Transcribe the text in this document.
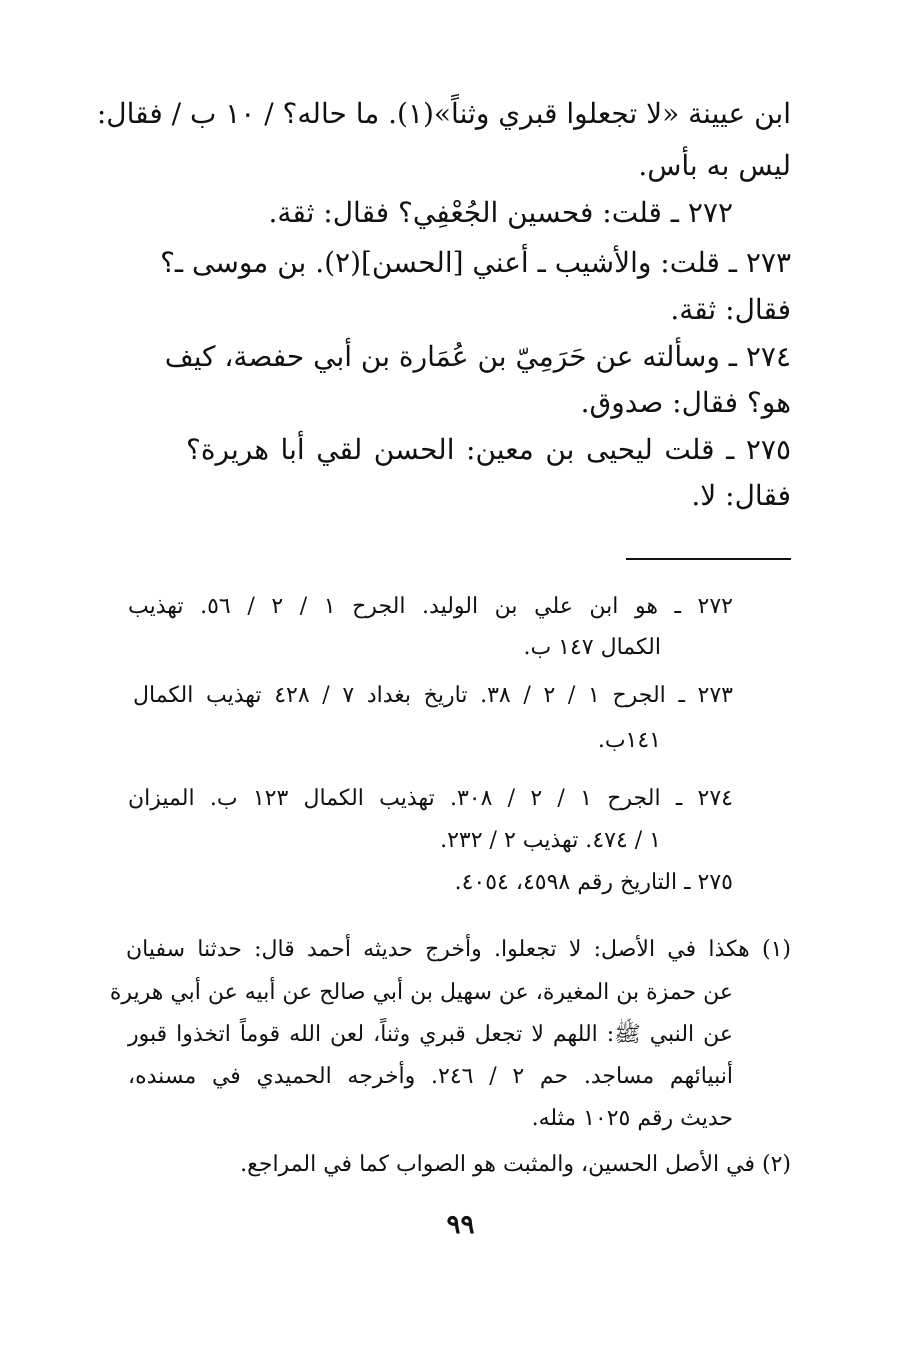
ابن عيينة «لا تجعلوا قبري وثناً»(١). ما حاله؟ / ١٠ ب / فقال:
ليس به بأس.
٢٧٢ ـ قلت: فحسين الجُعْفِي؟ فقال: ثقة.
٢٧٣ ـ قلت: والأشيب ـ أعني [الحسن](٢). بن موسى ـ؟
فقال: ثقة.
٢٧٤ ـ وسألته عن حَرَمِيّ بن عُمَارة بن أبي حفصة، كيف
هو؟ فقال: صدوق.
٢٧٥ ـ قلت ليحيى بن معين: الحسن لقي أبا هريرة؟
فقال: لا.
٢٧٢ ـ هو ابن علي بن الوليد. الجرح ١ / ٢ / ٥٦. تهذيب
الكمال ١٤٧ ب.
٢٧٣ ـ الجرح ١ / ٢ / ٣٨. تاريخ بغداد ٧ / ٤٢٨ تهذيب الكمال
١٤١ب.
٢٧٤ ـ الجرح ١ / ٢ / ٣٠٨. تهذيب الكمال ١٢٣ ب. الميزان
١ / ٤٧٤. تهذيب ٢ / ٢٣٢.
٢٧٥ ـ التاريخ رقم ٤٥٩٨، ٤٠٥٤.
(١) هكذا في الأصل: لا تجعلوا. وأخرج حديثه أحمد قال: حدثنا سفيان
عن حمزة بن المغيرة، عن سهيل بن أبي صالح عن أبيه عن أبي هريرة
عن النبي ﷺ: اللهم لا تجعل قبري وثناً، لعن الله قوماً اتخذوا قبور
أنبيائهم مساجد. حم ٢ / ٢٤٦. وأخرجه الحميدي في مسنده،
حديث رقم ١٠٢٥ مثله.
(٢) في الأصل الحسين، والمثبت هو الصواب كما في المراجع.
٩٩
